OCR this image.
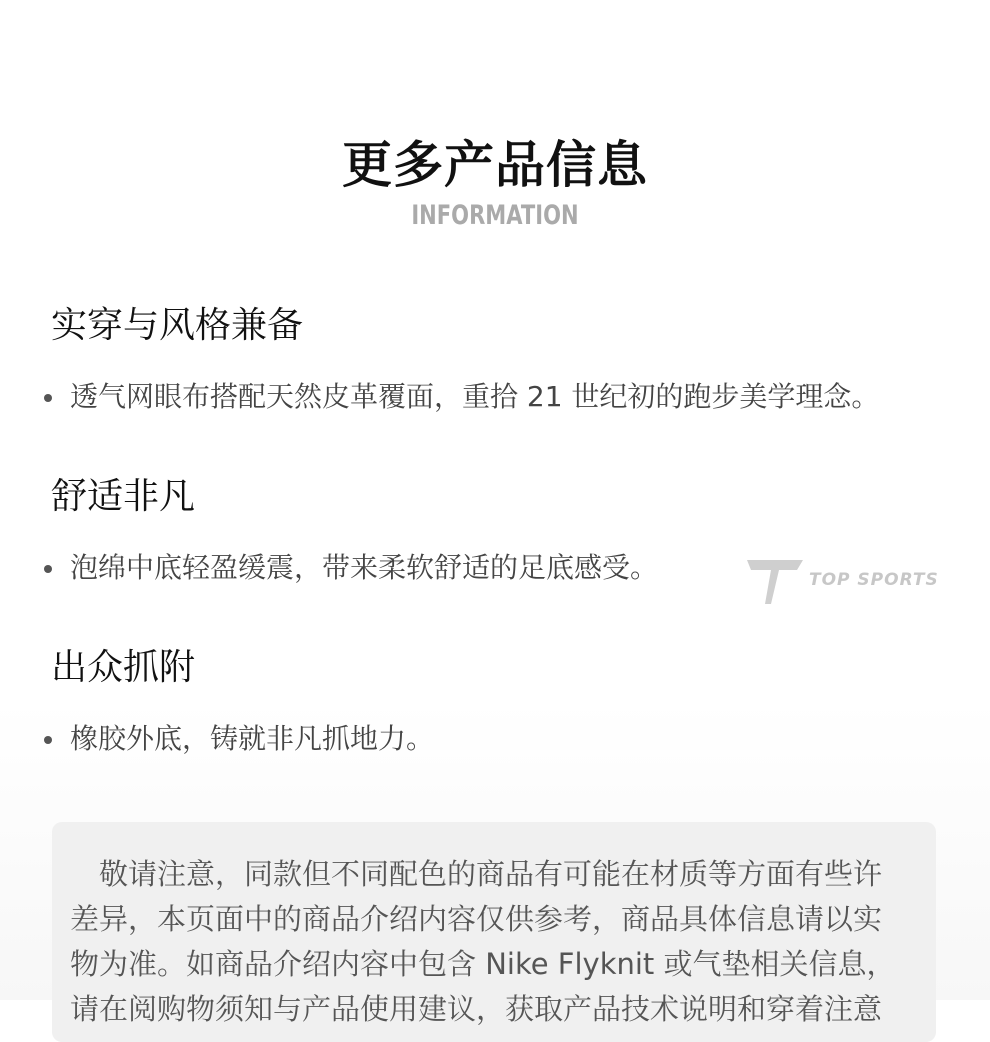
更多产品信息
INFORMATION
实穿与风格兼备
透气网眼布搭配天然皮革覆面，重拾 21 世纪初的跑步美学理念。
舒适非凡
泡绵中底轻盈缓震，带来柔软舒适的足底感受。	TOP SPORTS
出众抓附
橡胶外底，铸就非凡抓地力。
　敬请注意，同款但不同配色的商品有可能在材质等方面有些许
差异，本页面中的商品介绍内容仅供参考，商品具体信息请以实
物为准。如商品介绍内容中包含 Nike Flyknit 或气垫相关信息，
请在阅购物须知与产品使用建议，获取产品技术说明和穿着注意
